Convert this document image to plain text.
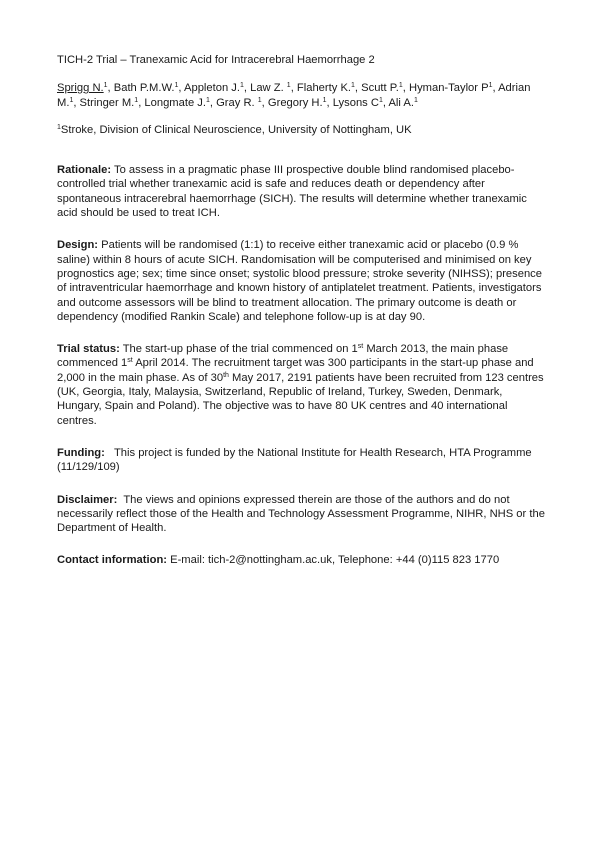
TICH-2 Trial – Tranexamic Acid for Intracerebral Haemorrhage 2

Sprigg N.$^1$, Bath P.M.W.$^1$, Appleton J.$^1$, Law Z. $^1$, Flaherty K.$^1$, Scutt P.$^1$, Hyman-Taylor $P^1$, Adrian M.$^1$, Stringer M.$^1$, Longmate J.$^1$, Gray R. $^1$, Gregory H.$^1$, Lysons $C^1$, Ali A.$^1$
$^1$Stroke, Division of Clinical Neuroscience, University of Nottingham, UK
Rationale: To assess in a pragmatic phase III prospective double blind randomised placebo-controlled trial whether tranexamic acid is safe and reduces death or dependency after spontaneous intracerebral haemorrhage (SICH). The results will determine whether tranexamic acid should be used to treat ICH.
Design: Patients will be randomised (1:1) to receive either tranexamic acid or placebo (0.9 % saline) within 8 hours of acute SICH. Randomisation will be computerised and minimised on key prognostics age; sex; time since onset; systolic blood pressure; stroke severity (NIHSS); presence of intraventricular haemorrhage and known history of antiplatelet treatment. Patients, investigators and outcome assessors will be blind to treatment allocation. The primary outcome is death or dependency (modified Rankin Scale) and telephone follow-up is at day 90.
Trial status: The start-up phase of the trial commenced on 1st March 2013, the main phase commenced 1st April 2014. The recruitment target was 300 participants in the start-up phase and 2,000 in the main phase. As of 30th May 2017, 2191 patients have been recruited from 123 centres (UK, Georgia, Italy, Malaysia, Switzerland, Republic of Ireland, Turkey, Sweden, Denmark, Hungary, Spain and Poland). The objective was to have 80 UK centres and 40 international centres.
Funding:   This project is funded by the National Institute for Health Research, HTA Programme (11/129/109)
Disclaimer:  The views and opinions expressed therein are those of the authors and do not necessarily reflect those of the Health and Technology Assessment Programme, NIHR, NHS or the Department of Health.
Contact information: E-mail: tich-2@nottingham.ac.uk, Telephone: +44 (0)115 823 1770
